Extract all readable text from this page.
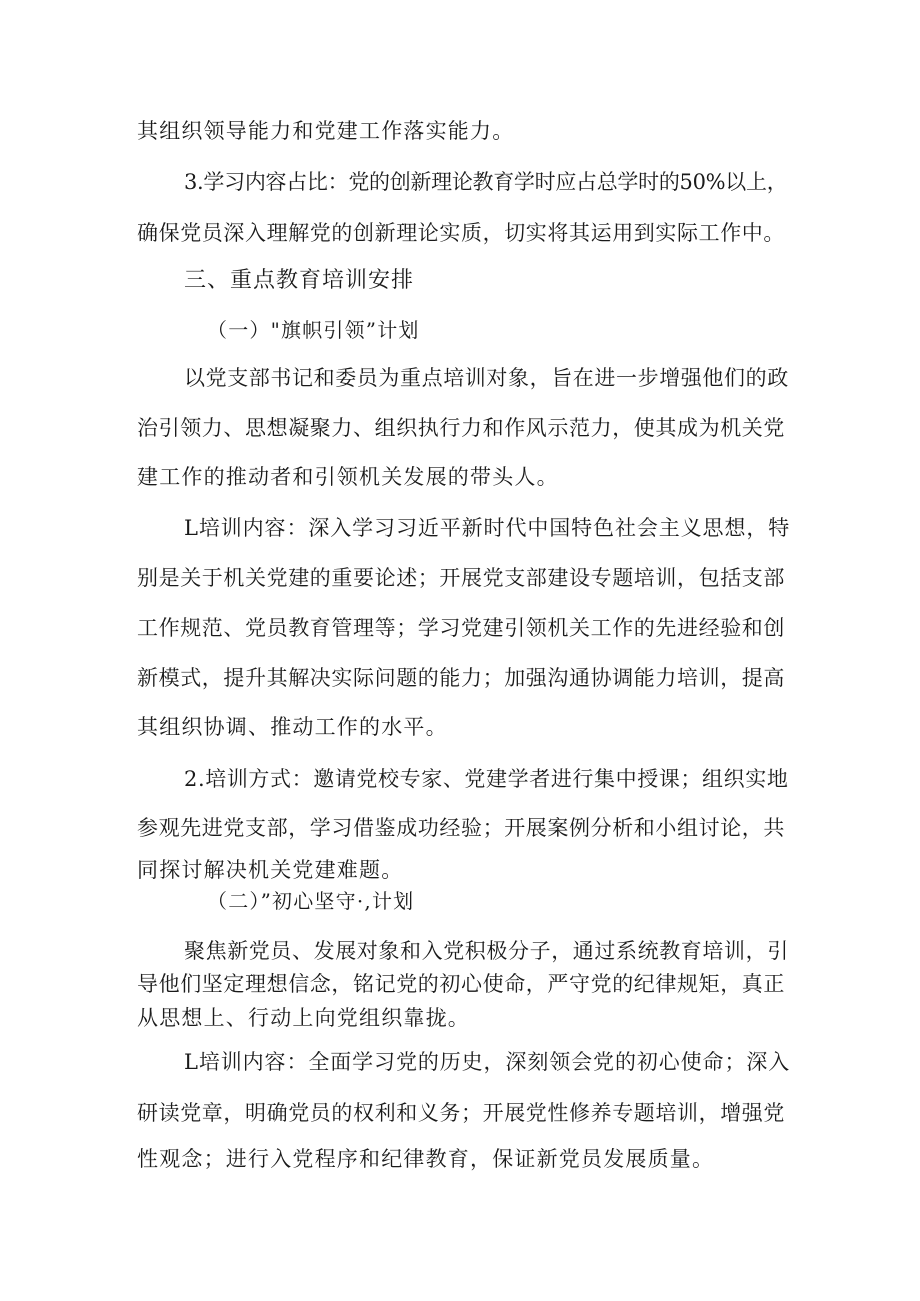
其组织领导能力和党建工作落实能力。
3.学习内容占比：党的创新理论教育学时应占总学时的50%以上，
确保党员深入理解党的创新理论实质，切实将其运用到实际工作中。
三、重点教育培训安排
（一）"旗帜引领”计划
以党支部书记和委员为重点培训对象，旨在进一步增强他们的政
治引领力、思想凝聚力、组织执行力和作风示范力，使其成为机关党
建工作的推动者和引领机关发展的带头人。
L培训内容：深入学习习近平新时代中国特色社会主义思想，特
别是关于机关党建的重要论述；开展党支部建设专题培训，包括支部
工作规范、党员教育管理等；学习党建引领机关工作的先进经验和创
新模式，提升其解决实际问题的能力；加强沟通协调能力培训，提高
其组织协调、推动工作的水平。
2.培训方式：邀请党校专家、党建学者进行集中授课；组织实地
参观先进党支部，学习借鉴成功经验；开展案例分析和小组讨论，共
同探讨解决机关党建难题。
（二）”初心坚守·,计划
聚焦新党员、发展对象和入党积极分子，通过系统教育培训，引
导他们坚定理想信念，铭记党的初心使命，严守党的纪律规矩，真正
从思想上、行动上向党组织靠拢。
L培训内容：全面学习党的历史，深刻领会党的初心使命；深入
研读党章，明确党员的权利和义务；开展党性修养专题培训，增强党
性观念；进行入党程序和纪律教育，保证新党员发展质量。
